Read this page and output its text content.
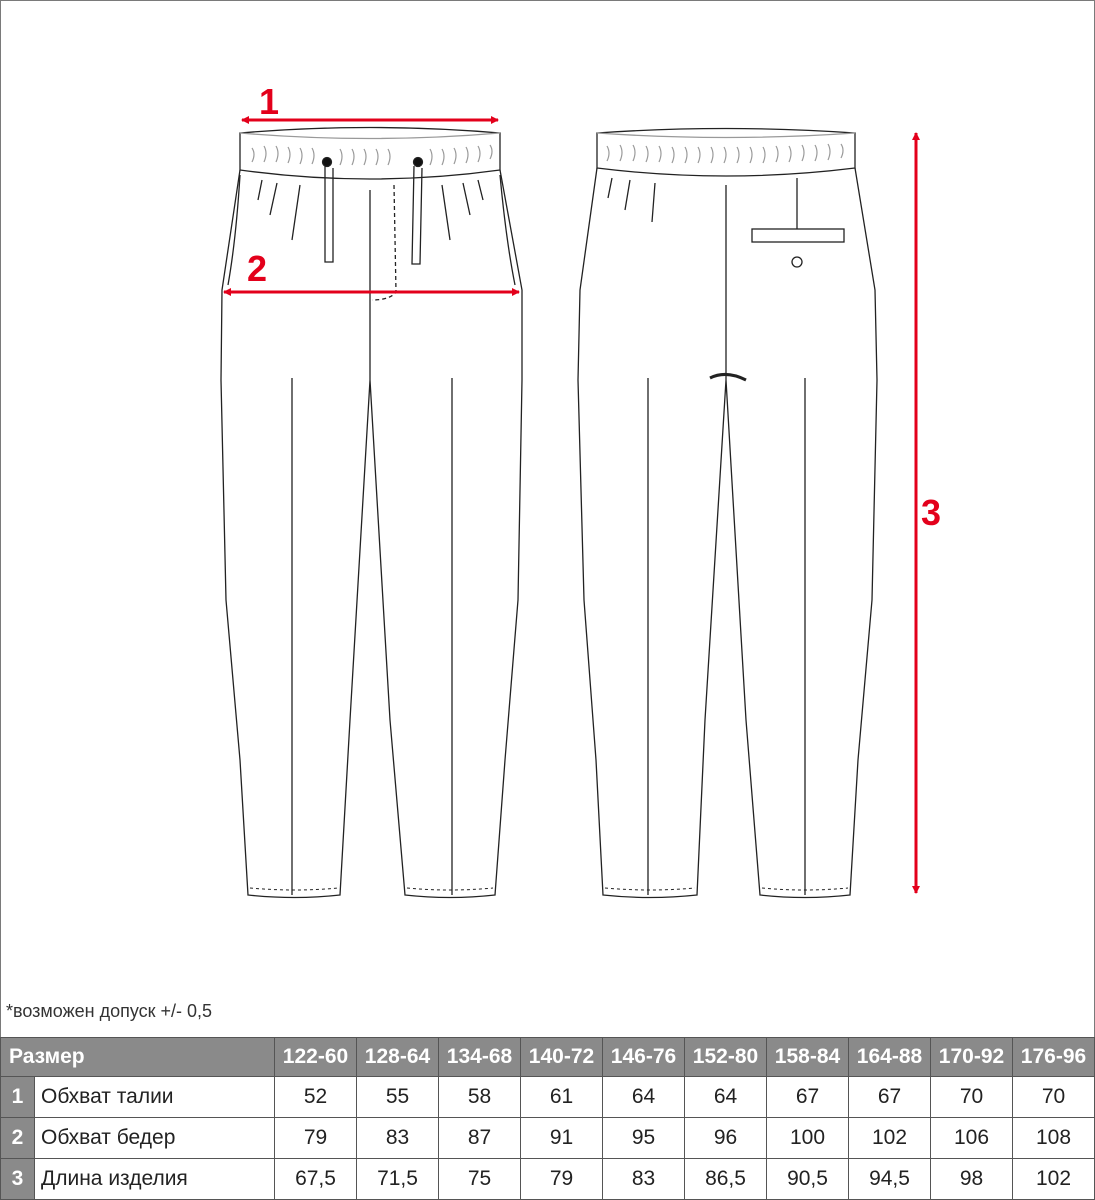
1
2
3
*возможен допуск +/- 0,5
Размер		122-60	128-64	134-68	140-72	146-76	152-80	158-84	164-88	170-92	176-96
1	Обхват талии	52	55	58	61	64	64	67	67	70	70
2	Обхват бедер	79	83	87	91	95	96	100	102	106	108
3	Длина изделия	67,5	71,5	75	79	83	86,5	90,5	94,5	98	102
